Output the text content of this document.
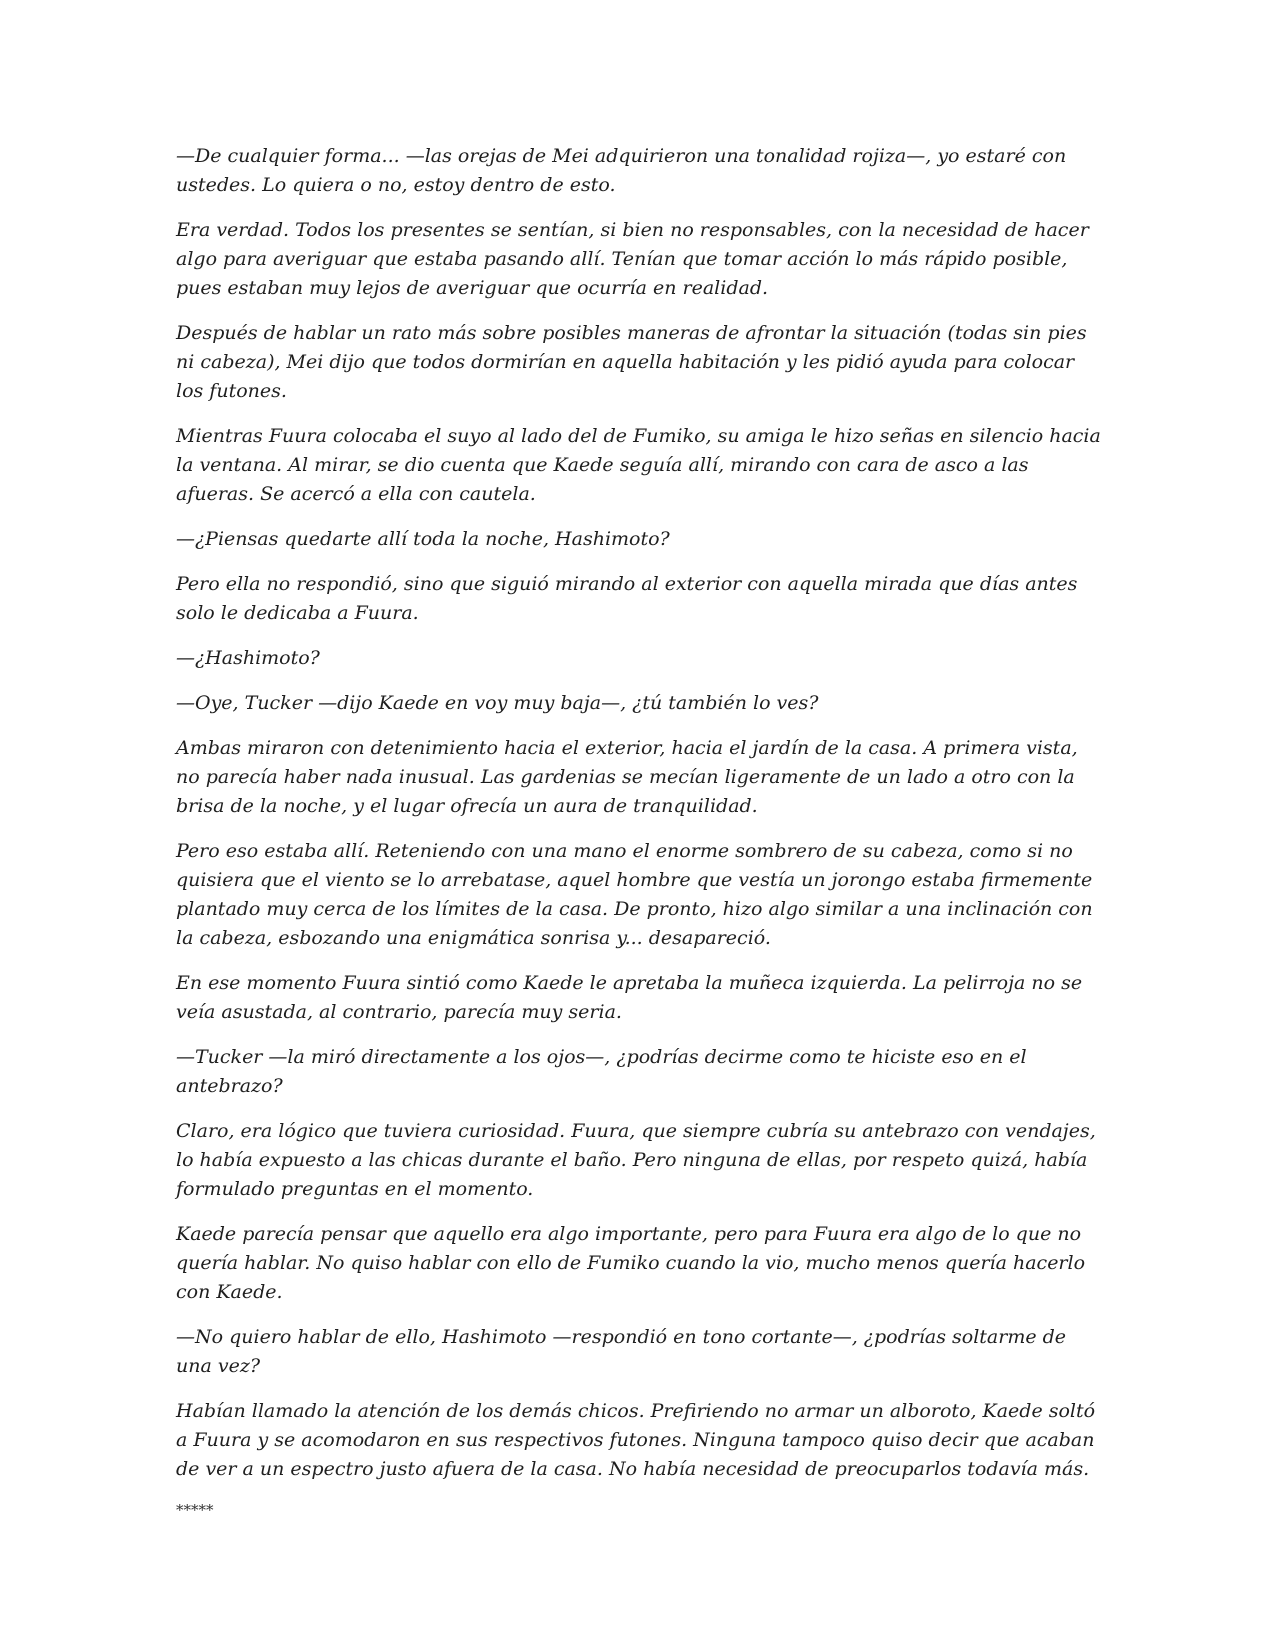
—De cualquier forma... —las orejas de Mei adquirieron una tonalidad rojiza—, yo estaré con ustedes. Lo quiera o no, estoy dentro de esto.

Era verdad. Todos los presentes se sentían, si bien no responsables, con la necesidad de hacer algo para averiguar que estaba pasando allí. Tenían que tomar acción lo más rápido posible, pues estaban muy lejos de averiguar que ocurría en realidad.

Después de hablar un rato más sobre posibles maneras de afrontar la situación (todas sin pies ni cabeza), Mei dijo que todos dormirían en aquella habitación y les pidió ayuda para colocar los futones.

Mientras Fuura colocaba el suyo al lado del de Fumiko, su amiga le hizo señas en silencio hacia la ventana. Al mirar, se dio cuenta que Kaede seguía allí, mirando con cara de asco a las afueras. Se acercó a ella con cautela.

—¿Piensas quedarte allí toda la noche, Hashimoto?

Pero ella no respondió, sino que siguió mirando al exterior con aquella mirada que días antes solo le dedicaba a Fuura.

—¿Hashimoto?

—Oye, Tucker —dijo Kaede en voy muy baja—, ¿tú también lo ves?

Ambas miraron con detenimiento hacia el exterior, hacia el jardín de la casa. A primera vista, no parecía haber nada inusual. Las gardenias se mecían ligeramente de un lado a otro con la brisa de la noche, y el lugar ofrecía un aura de tranquilidad.

Pero eso estaba allí. Reteniendo con una mano el enorme sombrero de su cabeza, como si no quisiera que el viento se lo arrebatase, aquel hombre que vestía un jorongo estaba firmemente plantado muy cerca de los límites de la casa. De pronto, hizo algo similar a una inclinación con la cabeza, esbozando una enigmática sonrisa y... desapareció.

En ese momento Fuura sintió como Kaede le apretaba la muñeca izquierda. La pelirroja no se veía asustada, al contrario, parecía muy seria.

—Tucker —la miró directamente a los ojos—, ¿podrías decirme como te hiciste eso en el antebrazo?

Claro, era lógico que tuviera curiosidad. Fuura, que siempre cubría su antebrazo con vendajes, lo había expuesto a las chicas durante el baño. Pero ninguna de ellas, por respeto quizá, había formulado preguntas en el momento.

Kaede parecía pensar que aquello era algo importante, pero para Fuura era algo de lo que no quería hablar. No quiso hablar con ello de Fumiko cuando la vio, mucho menos quería hacerlo con Kaede.

—No quiero hablar de ello, Hashimoto —respondió en tono cortante—, ¿podrías soltarme de una vez?

Habían llamado la atención de los demás chicos. Prefiriendo no armar un alboroto, Kaede soltó a Fuura y se acomodaron en sus respectivos futones. Ninguna tampoco quiso decir que acaban de ver a un espectro justo afuera de la casa. No había necesidad de preocuparlos todavía más.

*****
